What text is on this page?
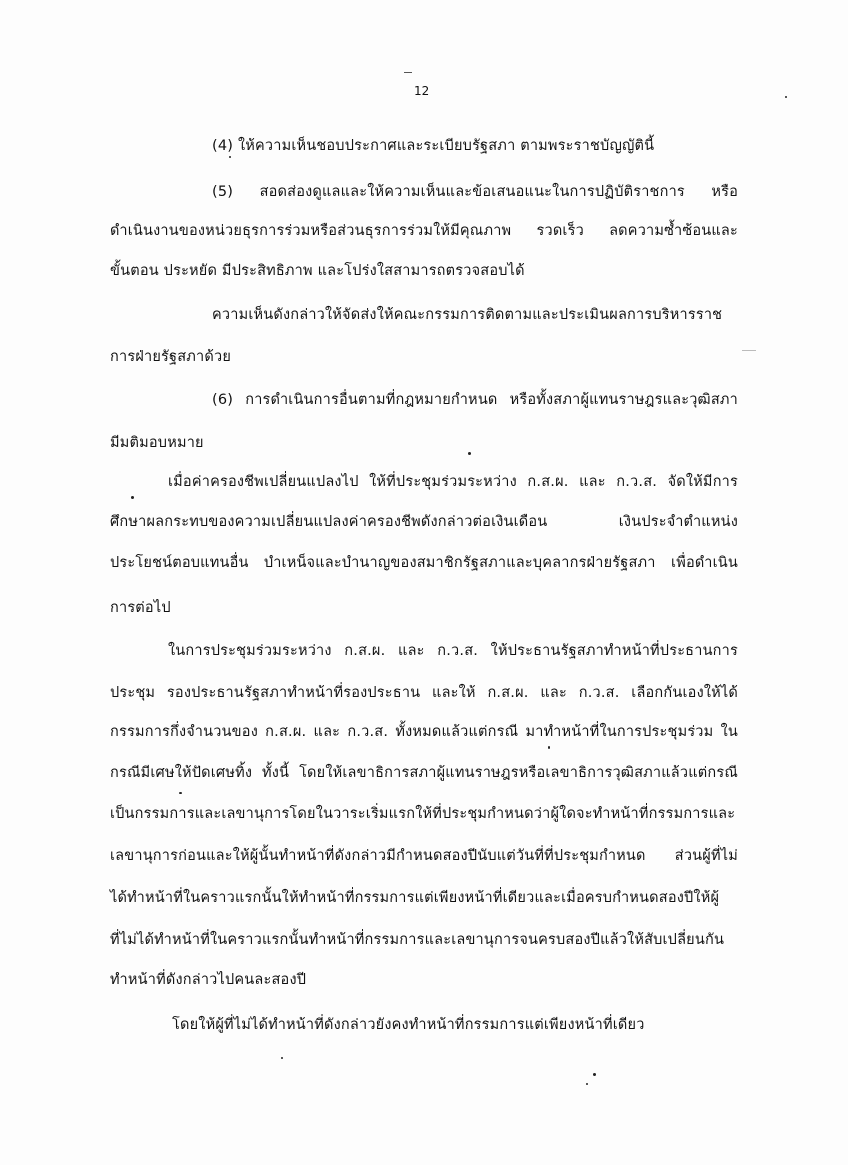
12
(4) ให้ความเห็นชอบประกาศและระเบียบรัฐสภา ตามพระราชบัญญัตินี้
(5) สอดส่องดูแลและให้ความเห็นและข้อเสนอแนะในการปฏิบัติราชการ หรือ
ดำเนินงานของหน่วยธุรการร่วมหรือส่วนธุรการร่วมให้มีคุณภาพ รวดเร็ว ลดความซ้ำซ้อนและ
ขั้นตอน ประหยัด มีประสิทธิภาพ และโปร่งใสสามารถตรวจสอบได้
ความเห็นดังกล่าวให้จัดส่งให้คณะกรรมการติดตามและประเมินผลการบริหารราช
การฝ่ายรัฐสภาด้วย
(6) การดำเนินการอื่นตามที่กฎหมายกำหนด หรือทั้งสภาผู้แทนราษฎรและวุฒิสภา
มีมติมอบหมาย
เมื่อค่าครองชีพเปลี่ยนแปลงไป ให้ที่ประชุมร่วมระหว่าง ก.ส.ผ. และ ก.ว.ส. จัดให้มีการ
ศึกษาผลกระทบของความเปลี่ยนแปลงค่าครองชีพดังกล่าวต่อเงินเดือน เงินประจำตำแหน่ง
ประโยชน์ตอบแทนอื่น บำเหน็จและบำนาญของสมาชิกรัฐสภาและบุคลากรฝ่ายรัฐสภา เพื่อดำเนิน
การต่อไป
ในการประชุมร่วมระหว่าง ก.ส.ผ. และ ก.ว.ส. ให้ประธานรัฐสภาทำหน้าที่ประธานการ
ประชุม รองประธานรัฐสภาทำหน้าที่รองประธาน และให้ ก.ส.ผ. และ ก.ว.ส. เลือกกันเองให้ได้
กรรมการกึ่งจำนวนของ ก.ส.ผ. และ ก.ว.ส. ทั้งหมดแล้วแต่กรณี มาทำหน้าที่ในการประชุมร่วม ใน
กรณีมีเศษให้ปัดเศษทิ้ง ทั้งนี้ โดยให้เลขาธิการสภาผู้แทนราษฎรหรือเลขาธิการวุฒิสภาแล้วแต่กรณี
เป็นกรรมการและเลขานุการโดยในวาระเริ่มแรกให้ที่ประชุมกำหนดว่าผู้ใดจะทำหน้าที่กรรมการและ
เลขานุการก่อนและให้ผู้นั้นทำหน้าที่ดังกล่าวมีกำหนดสองปีนับแต่วันที่ที่ประชุมกำหนด ส่วนผู้ที่ไม่
ได้ทำหน้าที่ในคราวแรกนั้นให้ทำหน้าที่กรรมการแต่เพียงหน้าที่เดียวและเมื่อครบกำหนดสองปีให้ผู้
ที่ไม่ได้ทำหน้าที่ในคราวแรกนั้นทำหน้าที่กรรมการและเลขานุการจนครบสองปีแล้วให้สับเปลี่ยนกัน
ทำหน้าที่ดังกล่าวไปคนละสองปี
โดยให้ผู้ที่ไม่ได้ทำหน้าที่ดังกล่าวยังคงทำหน้าที่กรรมการแต่เพียงหน้าที่เดียว
